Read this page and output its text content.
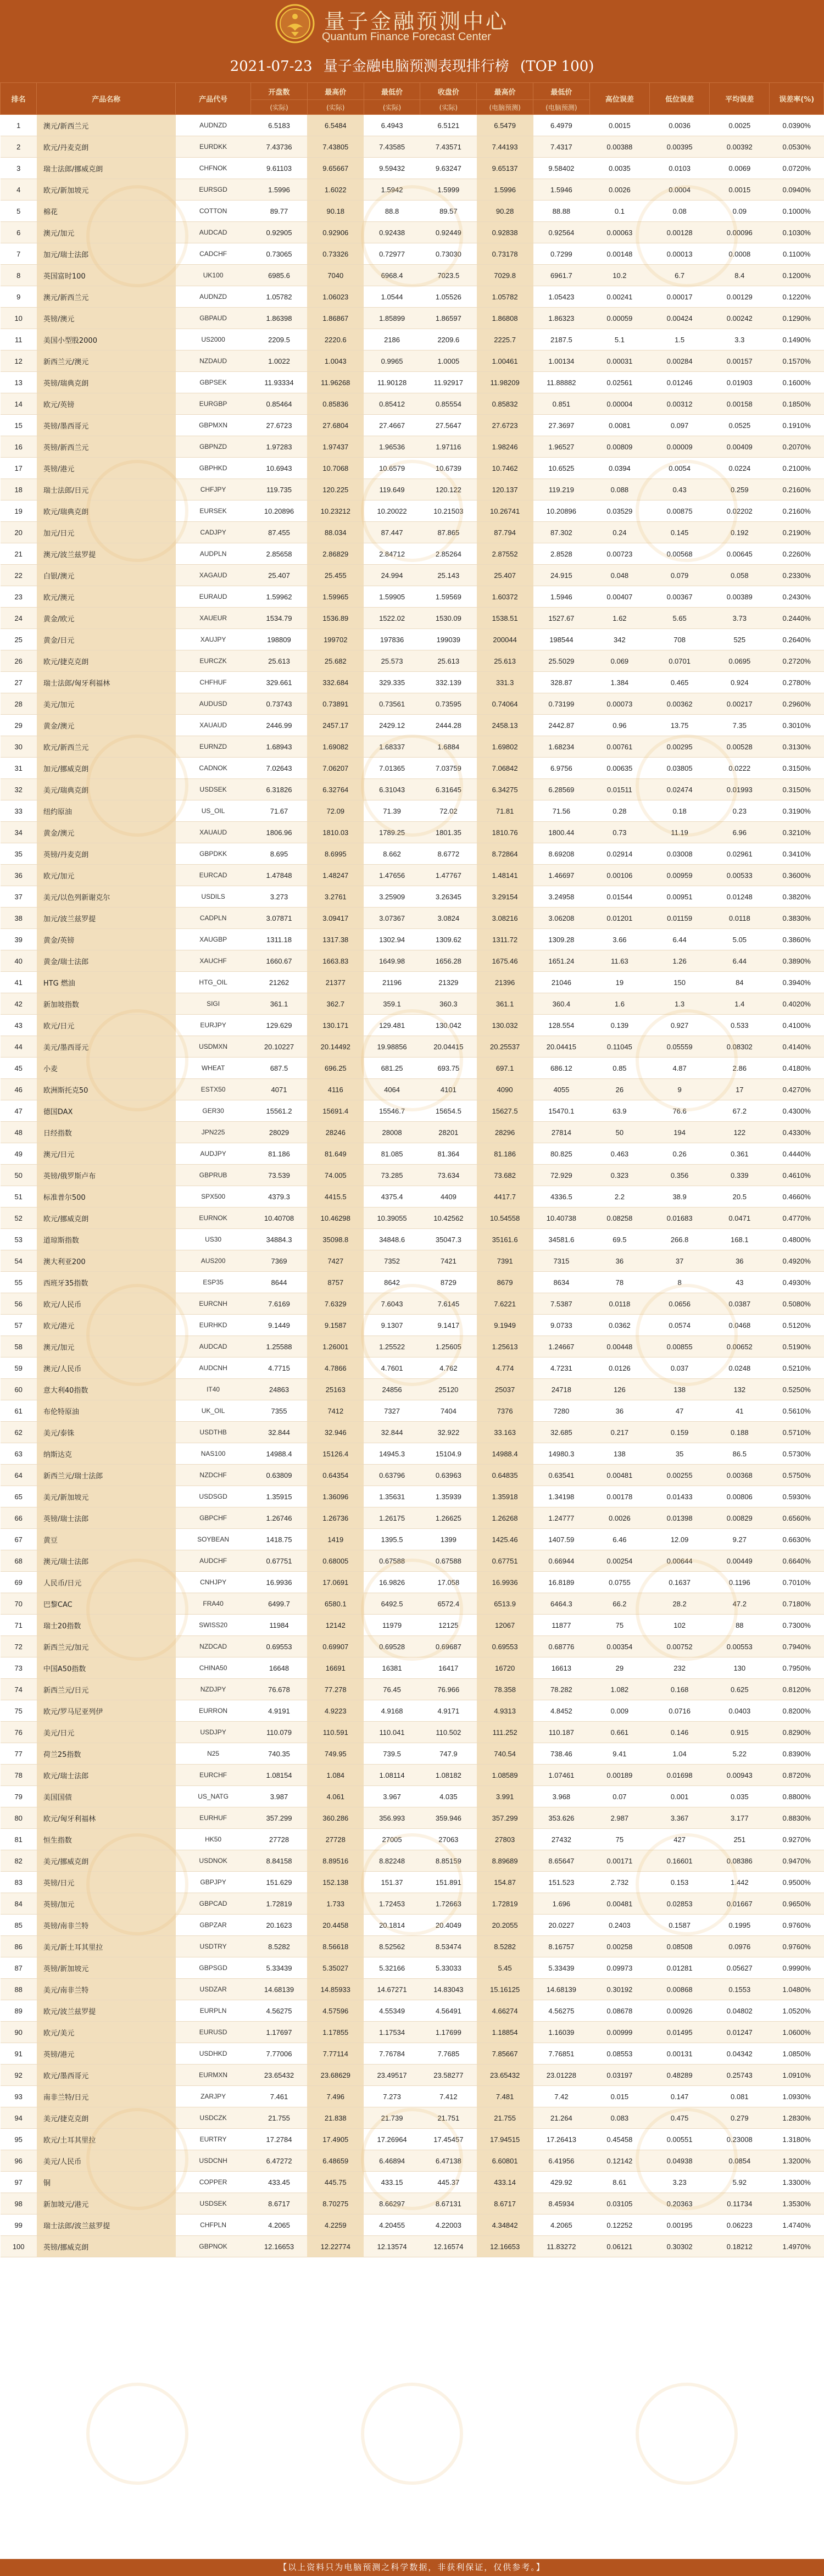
量子金融预测中心
Quantum Finance Forecast Center
2021-07-23 量子金融电脑预测表现排行榜 (TOP 100)
排名	产品名称	产品代号	开盘数	最高价	最低价	收盘价	最高价	最低价	高位误差	低位误差	平均误差	误差率(%)
			(实际)	(实际)	(实际)	(实际)	(电脑预测)	(电脑预测)				
1	澳元/新西兰元	AUDNZD	6.5183	6.5484	6.4943	6.5121	6.5479	6.4979	0.0015	0.0036	0.0025	0.0390%
2	欧元/丹麦克朗	EURDKK	7.43736	7.43805	7.43585	7.43571	7.44193	7.4317	0.00388	0.00395	0.00392	0.0530%
3	瑞士法郎/挪威克朗	CHFNOK	9.61103	9.65667	9.59432	9.63247	9.65137	9.58402	0.0035	0.0103	0.0069	0.0720%
4	欧元/新加坡元	EURSGD	1.5996	1.6022	1.5942	1.5999	1.5996	1.5946	0.0026	0.0004	0.0015	0.0940%
5	棉花	COTTON	89.77	90.18	88.8	89.57	90.28	88.88	0.1	0.08	0.09	0.1000%
6	澳元/加元	AUDCAD	0.92905	0.92906	0.92438	0.92449	0.92838	0.92564	0.00063	0.00128	0.00096	0.1030%
7	加元/瑞士法郎	CADCHF	0.73065	0.73326	0.72977	0.73030	0.73178	0.7299	0.00148	0.00013	0.0008	0.1100%
8	英国富时100	UK100	6985.6	7040	6968.4	7023.5	7029.8	6961.7	10.2	6.7	8.4	0.1200%
9	澳元/新西兰元	AUDNZD	1.05782	1.06023	1.0544	1.05526	1.05782	1.05423	0.00241	0.00017	0.00129	0.1220%
10	英镑/澳元	GBPAUD	1.86398	1.86867	1.85899	1.86597	1.86808	1.86323	0.00059	0.00424	0.00242	0.1290%
11	美国小型股2000	US2000	2209.5	2220.6	2186	2209.6	2225.7	2187.5	5.1	1.5	3.3	0.1490%
12	新西兰元/澳元	NZDAUD	1.0022	1.0043	0.9965	1.0005	1.00461	1.00134	0.00031	0.00284	0.00157	0.1570%
13	英镑/瑞典克朗	GBPSEK	11.93334	11.96268	11.90128	11.92917	11.98209	11.88882	0.02561	0.01246	0.01903	0.1600%
14	欧元/英镑	EURGBP	0.85464	0.85836	0.85412	0.85554	0.85832	0.851	0.00004	0.00312	0.00158	0.1850%
15	英镑/墨西哥元	GBPMXN	27.6723	27.6804	27.4667	27.5647	27.6723	27.3697	0.0081	0.097	0.0525	0.1910%
16	英镑/新西兰元	GBPNZD	1.97283	1.97437	1.96536	1.97116	1.98246	1.96527	0.00809	0.00009	0.00409	0.2070%
17	英镑/港元	GBPHKD	10.6943	10.7068	10.6579	10.6739	10.7462	10.6525	0.0394	0.0054	0.0224	0.2100%
18	瑞士法郎/日元	CHFJPY	119.735	120.225	119.649	120.122	120.137	119.219	0.088	0.43	0.259	0.2160%
19	欧元/瑞典克朗	EURSEK	10.20896	10.23212	10.20022	10.21503	10.26741	10.20896	0.03529	0.00875	0.02202	0.2160%
20	加元/日元	CADJPY	87.455	88.034	87.447	87.865	87.794	87.302	0.24	0.145	0.192	0.2190%
21	澳元/波兰兹罗提	AUDPLN	2.85658	2.86829	2.84712	2.85264	2.87552	2.8528	0.00723	0.00568	0.00645	0.2260%
22	白银/澳元	XAGAUD	25.407	25.455	24.994	25.143	25.407	24.915	0.048	0.079	0.058	0.2330%
23	欧元/澳元	EURAUD	1.59962	1.59965	1.59905	1.59569	1.60372	1.5946	0.00407	0.00367	0.00389	0.2430%
24	黄金/欧元	XAUEUR	1534.79	1536.89	1522.02	1530.09	1538.51	1527.67	1.62	5.65	3.73	0.2440%
25	黄金/日元	XAUJPY	198809	199702	197836	199039	200044	198544	342	708	525	0.2640%
26	欧元/捷克克朗	EURCZK	25.613	25.682	25.573	25.613	25.613	25.5029	0.069	0.0701	0.0695	0.2720%
27	瑞士法郎/匈牙利福林	CHFHUF	329.661	332.684	329.335	332.139	331.3	328.87	1.384	0.465	0.924	0.2780%
28	美元/加元	AUDUSD	0.73743	0.73891	0.73561	0.73595	0.74064	0.73199	0.00073	0.00362	0.00217	0.2960%
29	黄金/澳元	XAUAUD	2446.99	2457.17	2429.12	2444.28	2458.13	2442.87	0.96	13.75	7.35	0.3010%
30	欧元/新西兰元	EURNZD	1.68943	1.69082	1.68337	1.6884	1.69802	1.68234	0.00761	0.00295	0.00528	0.3130%
31	加元/挪威克朗	CADNOK	7.02643	7.06207	7.01365	7.03759	7.06842	6.9756	0.00635	0.03805	0.0222	0.3150%
32	美元/瑞典克朗	USDSEK	6.31826	6.32764	6.31043	6.31645	6.34275	6.28569	0.01511	0.02474	0.01993	0.3150%
33	纽约原油	US_OIL	71.67	72.09	71.39	72.02	71.81	71.56	0.28	0.18	0.23	0.3190%
34	黄金/澳元	XAUAUD	1806.96	1810.03	1789.25	1801.35	1810.76	1800.44	0.73	11.19	6.96	0.3210%
35	英镑/丹麦克朗	GBPDKK	8.695	8.6995	8.662	8.6772	8.72864	8.69208	0.02914	0.03008	0.02961	0.3410%
36	欧元/加元	EURCAD	1.47848	1.48247	1.47656	1.47767	1.48141	1.46697	0.00106	0.00959	0.00533	0.3600%
37	美元/以色列新谢克尔	USDILS	3.273	3.2761	3.25909	3.26345	3.29154	3.24958	0.01544	0.00951	0.01248	0.3820%
38	加元/波兰兹罗提	CADPLN	3.07871	3.09417	3.07367	3.0824	3.08216	3.06208	0.01201	0.01159	0.0118	0.3830%
39	黄金/英镑	XAUGBP	1311.18	1317.38	1302.94	1309.62	1311.72	1309.28	3.66	6.44	5.05	0.3860%
40	黄金/瑞士法郎	XAUCHF	1660.67	1663.83	1649.98	1656.28	1675.46	1651.24	11.63	1.26	6.44	0.3890%
41	HTG 燃油	HTG_OIL	21262	21377	21196	21329	21396	21046	19	150	84	0.3940%
42	新加坡指数	SIGI	361.1	362.7	359.1	360.3	361.1	360.4	1.6	1.3	1.4	0.4020%
43	欧元/日元	EURJPY	129.629	130.171	129.481	130.042	130.032	128.554	0.139	0.927	0.533	0.4100%
44	美元/墨西哥元	USDMXN	20.10227	20.14492	19.98856	20.04415	20.25537	20.04415	0.11045	0.05559	0.08302	0.4140%
45	小麦	WHEAT	687.5	696.25	681.25	693.75	697.1	686.12	0.85	4.87	2.86	0.4180%
46	欧洲斯托克50	ESTX50	4071	4116	4064	4101	4090	4055	26	9	17	0.4270%
47	德国DAX	GER30	15561.2	15691.4	15546.7	15654.5	15627.5	15470.1	63.9	76.6	67.2	0.4300%
48	日经指数	JPN225	28029	28246	28008	28201	28296	27814	50	194	122	0.4330%
49	澳元/日元	AUDJPY	81.186	81.649	81.085	81.364	81.186	80.825	0.463	0.26	0.361	0.4440%
50	英镑/俄罗斯卢布	GBPRUB	73.539	74.005	73.285	73.634	73.682	72.929	0.323	0.356	0.339	0.4610%
51	标准普尔500	SPX500	4379.3	4415.5	4375.4	4409	4417.7	4336.5	2.2	38.9	20.5	0.4660%
52	欧元/挪威克朗	EURNOK	10.40708	10.46298	10.39055	10.42562	10.54558	10.40738	0.08258	0.01683	0.0471	0.4770%
53	道琼斯指数	US30	34884.3	35098.8	34848.6	35047.3	35161.6	34581.6	69.5	266.8	168.1	0.4800%
54	澳大利亚200	AUS200	7369	7427	7352	7421	7391	7315	36	37	36	0.4920%
55	西班牙35指数	ESP35	8644	8757	8642	8729	8679	8634	78	8	43	0.4930%
56	欧元/人民币	EURCNH	7.6169	7.6329	7.6043	7.6145	7.6221	7.5387	0.0118	0.0656	0.0387	0.5080%
57	欧元/港元	EURHKD	9.1449	9.1587	9.1307	9.1417	9.1949	9.0733	0.0362	0.0574	0.0468	0.5120%
58	澳元/加元	AUDCAD	1.25588	1.26001	1.25522	1.25605	1.25613	1.24667	0.00448	0.00855	0.00652	0.5190%
59	澳元/人民币	AUDCNH	4.7715	4.7866	4.7601	4.762	4.774	4.7231	0.0126	0.037	0.0248	0.5210%
60	意大利40指数	IT40	24863	25163	24856	25120	25037	24718	126	138	132	0.5250%
61	布伦特原油	UK_OIL	7355	7412	7327	7404	7376	7280	36	47	41	0.5610%
62	美元/泰铢	USDTHB	32.844	32.946	32.844	32.922	33.163	32.685	0.217	0.159	0.188	0.5710%
63	纳斯达克	NAS100	14988.4	15126.4	14945.3	15104.9	14988.4	14980.3	138	35	86.5	0.5730%
64	新西兰元/瑞士法郎	NZDCHF	0.63809	0.64354	0.63796	0.63963	0.64835	0.63541	0.00481	0.00255	0.00368	0.5750%
65	美元/新加坡元	USDSGD	1.35915	1.36096	1.35631	1.35939	1.35918	1.34198	0.00178	0.01433	0.00806	0.5930%
66	英镑/瑞士法郎	GBPCHF	1.26746	1.26736	1.26175	1.26625	1.26268	1.24777	0.0026	0.01398	0.00829	0.6560%
67	黄豆	SOYBEAN	1418.75	1419	1395.5	1399	1425.46	1407.59	6.46	12.09	9.27	0.6630%
68	澳元/瑞士法郎	AUDCHF	0.67751	0.68005	0.67588	0.67588	0.67751	0.66944	0.00254	0.00644	0.00449	0.6640%
69	人民币/日元	CNHJPY	16.9936	17.0691	16.9826	17.058	16.9936	16.8189	0.0755	0.1637	0.1196	0.7010%
70	巴黎CAC	FRA40	6499.7	6580.1	6492.5	6572.4	6513.9	6464.3	66.2	28.2	47.2	0.7180%
71	瑞士20指数	SWISS20	11984	12142	11979	12125	12067	11877	75	102	88	0.7300%
72	新西兰元/加元	NZDCAD	0.69553	0.69907	0.69528	0.69687	0.69553	0.68776	0.00354	0.00752	0.00553	0.7940%
73	中国A50指数	CHINA50	16648	16691	16381	16417	16720	16613	29	232	130	0.7950%
74	新西兰元/日元	NZDJPY	76.678	77.278	76.45	76.966	78.358	78.282	1.082	0.168	0.625	0.8120%
75	欧元/罗马尼亚列伊	EURRON	4.9191	4.9223	4.9168	4.9171	4.9313	4.8452	0.009	0.0716	0.0403	0.8200%
76	美元/日元	USDJPY	110.079	110.591	110.041	110.502	111.252	110.187	0.661	0.146	0.915	0.8290%
77	荷兰25指数	N25	740.35	749.95	739.5	747.9	740.54	738.46	9.41	1.04	5.22	0.8390%
78	欧元/瑞士法郎	EURCHF	1.08154	1.084	1.08114	1.08182	1.08589	1.07461	0.00189	0.01698	0.00943	0.8720%
79	美国国债	US_NATG	3.987	4.061	3.967	4.035	3.991	3.968	0.07	0.001	0.035	0.8800%
80	欧元/匈牙利福林	EURHUF	357.299	360.286	356.993	359.946	357.299	353.626	2.987	3.367	3.177	0.8830%
81	恒生指数	HK50	27728	27728	27005	27063	27803	27432	75	427	251	0.9270%
82	美元/挪威克朗	USDNOK	8.84158	8.89516	8.82248	8.85159	8.89689	8.65647	0.00171	0.16601	0.08386	0.9470%
83	英镑/日元	GBPJPY	151.629	152.138	151.37	151.891	154.87	151.523	2.732	0.153	1.442	0.9500%
84	英镑/加元	GBPCAD	1.72819	1.733	1.72453	1.72663	1.72819	1.696	0.00481	0.02853	0.01667	0.9650%
85	英镑/南非兰特	GBPZAR	20.1623	20.4458	20.1814	20.4049	20.2055	20.0227	0.2403	0.1587	0.1995	0.9760%
86	美元/新土耳其里拉	USDTRY	8.5282	8.56618	8.52562	8.53474	8.5282	8.16757	0.00258	0.08508	0.0976	0.9760%
87	英镑/新加坡元	GBPSGD	5.33439	5.35027	5.32166	5.33033	5.45	5.33439	0.09973	0.01281	0.05627	0.9990%
88	美元/南非兰特	USDZAR	14.68139	14.85933	14.67271	14.83043	15.16125	14.68139	0.30192	0.00868	0.1553	1.0480%
89	欧元/波兰兹罗提	EURPLN	4.56275	4.57596	4.55349	4.56491	4.66274	4.56275	0.08678	0.00926	0.04802	1.0520%
90	欧元/美元	EURUSD	1.17697	1.17855	1.17534	1.17699	1.18854	1.16039	0.00999	0.01495	0.01247	1.0600%
91	英镑/港元	USDHKD	7.77006	7.77114	7.76784	7.7685	7.85667	7.76851	0.08553	0.00131	0.04342	1.0850%
92	欧元/墨西哥元	EURMXN	23.65432	23.68629	23.49517	23.58277	23.65432	23.01228	0.03197	0.48289	0.25743	1.0910%
93	南非兰特/日元	ZARJPY	7.461	7.496	7.273	7.412	7.481	7.42	0.015	0.147	0.081	1.0930%
94	美元/捷克克朗	USDCZK	21.755	21.838	21.739	21.751	21.755	21.264	0.083	0.475	0.279	1.2830%
95	欧元/土耳其里拉	EURTRY	17.2784	17.4905	17.26964	17.45457	17.94515	17.26413	0.45458	0.00551	0.23008	1.3180%
96	美元/人民币	USDCNH	6.47272	6.48659	6.46894	6.47138	6.60801	6.41956	0.12142	0.04938	0.0854	1.3200%
97	铜	COPPER	433.45	445.75	433.15	445.37	433.14	429.92	8.61	3.23	5.92	1.3300%
98	新加坡元/港元	USDSEK	8.6717	8.70275	8.66297	8.67131	8.6717	8.45934	0.03105	0.20363	0.11734	1.3530%
99	瑞士法郎/波兰兹罗提	CHFPLN	4.2065	4.2259	4.20455	4.22003	4.34842	4.2065	0.12252	0.00195	0.06223	1.4740%
100	英镑/挪威克朗	GBPNOK	12.16653	12.22774	12.13574	12.16574	12.16653	11.83272	0.06121	0.30302	0.18212	1.4970%
【以上资料只为电脑预测之科学数据，非获利保证，仅供参考。】
